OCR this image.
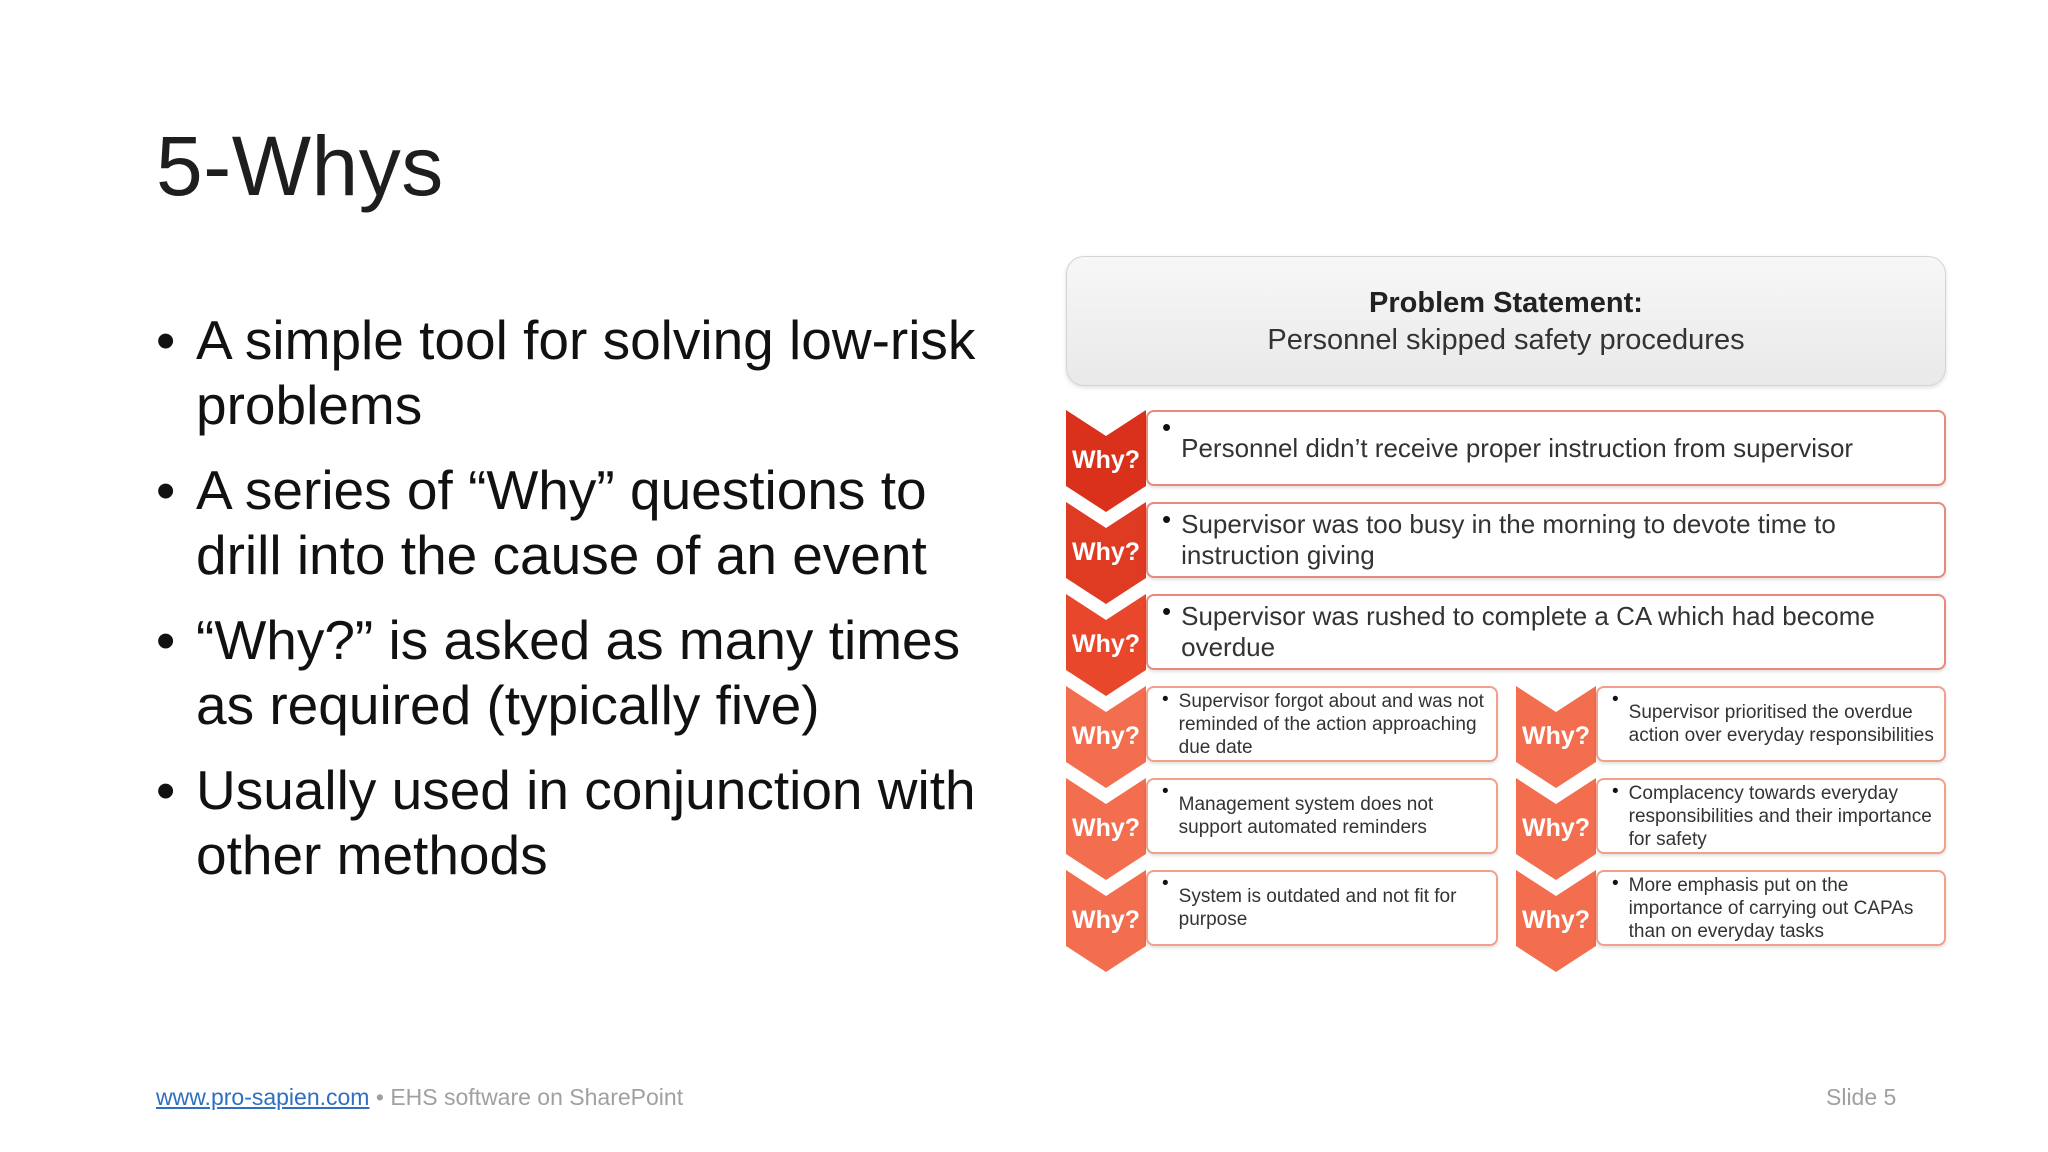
5-Whys
• A simple tool for solving low-risk problems
• A series of “Why” questions to drill into the cause of an event
• “Why?” is asked as many times as required (typically five)
• Usually used in conjunction with other methods
Problem Statement:
Personnel skipped safety procedures
Why?
•
Personnel didn’t receive proper instruction from supervisor
Why?
• Supervisor was too busy in the morning to devote time to instruction giving
Why?
• Supervisor was rushed to complete a CA which had become overdue
Why?
• Supervisor forgot about and was not reminded of the action approaching due date
Why?
•
Management system does not support automated reminders
Why?
•
System is outdated and not fit for purpose
Why?
•
Supervisor prioritised the overdue action over everyday responsibilities
Why?
• Complacency towards everyday responsibilities and their importance for safety
Why?
• More emphasis put on the importance of carrying out CAPAs than on everyday tasks
www.pro-sapien.com • EHS software on SharePoint	Slide 5
